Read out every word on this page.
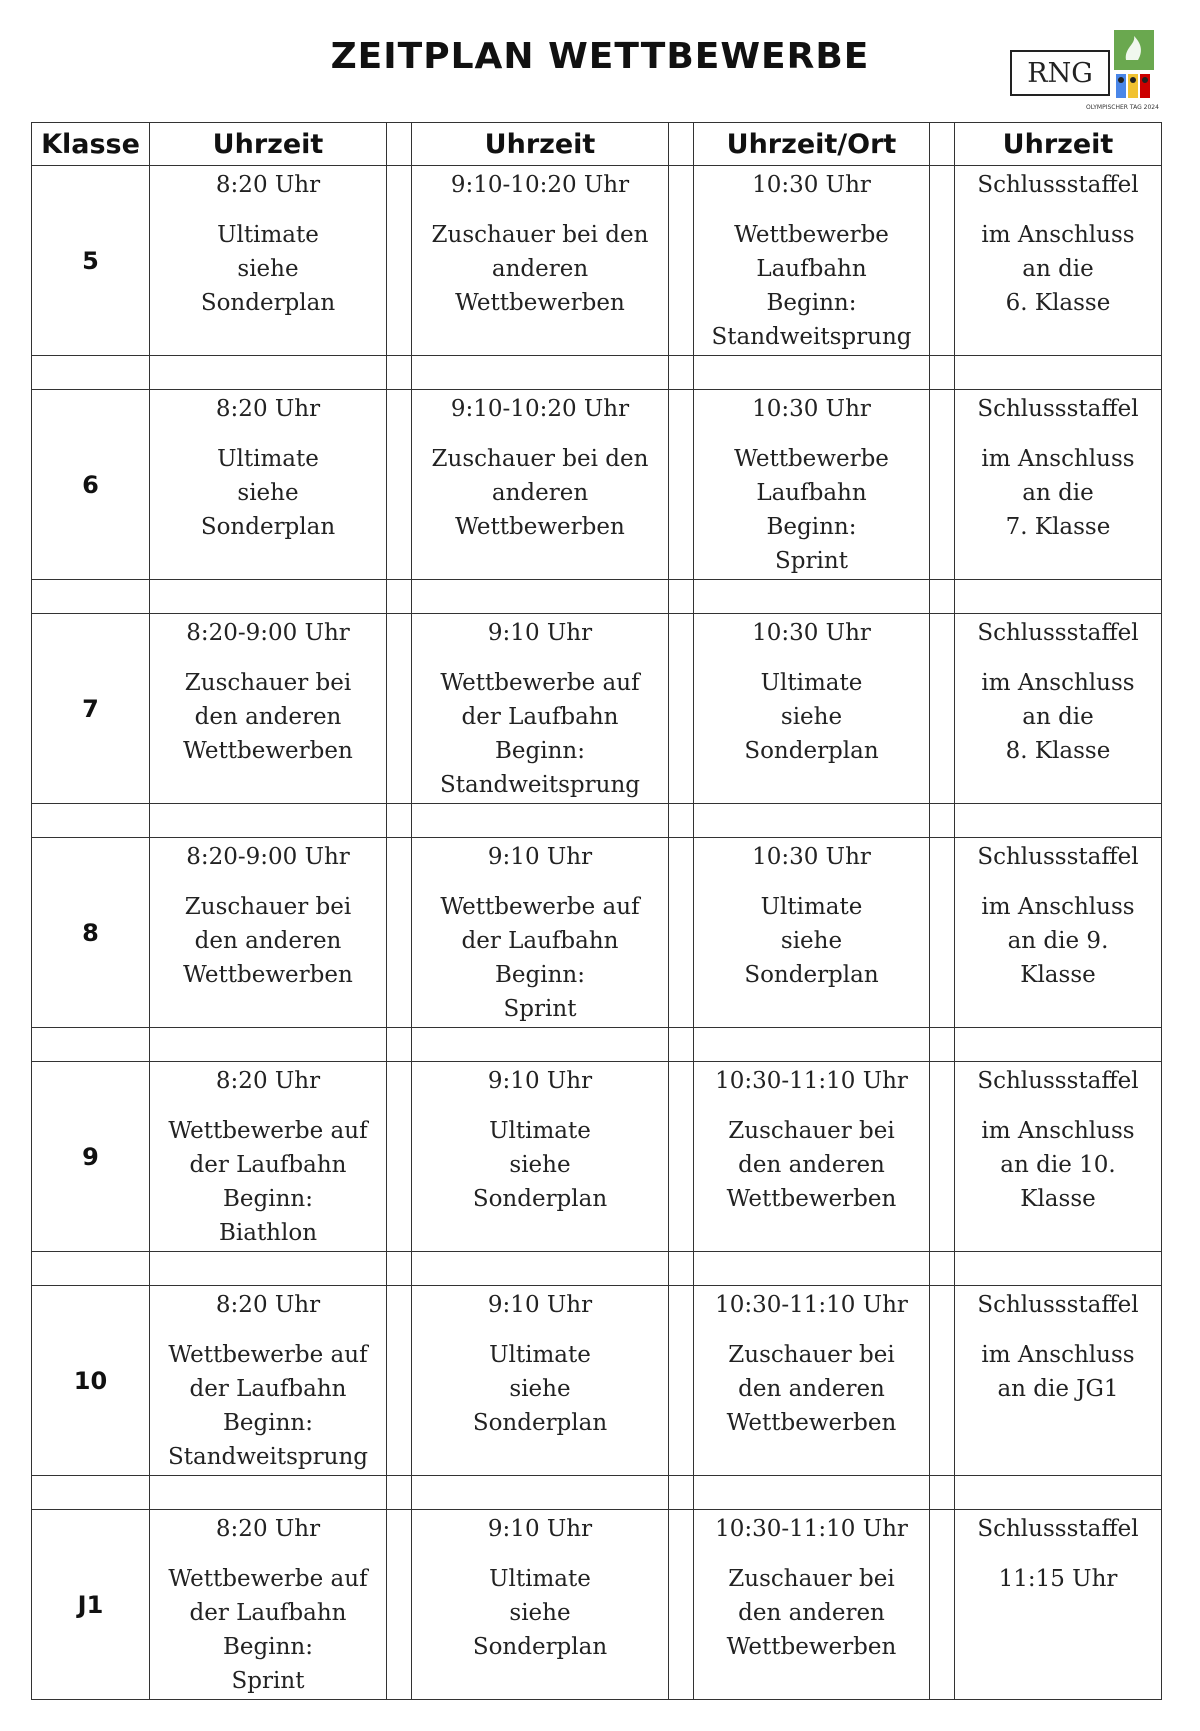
ZEITPLAN WETTBEWERBE	RNG
OLYMPISCHER TAG 2024
Klasse	Uhrzeit		Uhrzeit		Uhrzeit/Ort		Uhrzeit
5	8:20 Uhr
Ultimate
siehe
Sonderplan		9:10-10:20 Uhr
Zuschauer bei den
anderen
Wettbewerben		10:30 Uhr
Wettbewerbe
Laufbahn
Beginn:
Standweitsprung		Schlussstaffel
im Anschluss
an die
6. Klasse

6	8:20 Uhr
Ultimate
siehe
Sonderplan		9:10-10:20 Uhr
Zuschauer bei den
anderen
Wettbewerben		10:30 Uhr
Wettbewerbe
Laufbahn
Beginn:
Sprint		Schlussstaffel
im Anschluss
an die
7. Klasse

7	8:20-9:00 Uhr
Zuschauer bei
den anderen
Wettbewerben		9:10 Uhr
Wettbewerbe auf
der Laufbahn
Beginn:
Standweitsprung		10:30 Uhr
Ultimate
siehe
Sonderplan		Schlussstaffel
im Anschluss
an die
8. Klasse

8	8:20-9:00 Uhr
Zuschauer bei
den anderen
Wettbewerben		9:10 Uhr
Wettbewerbe auf
der Laufbahn
Beginn:
Sprint		10:30 Uhr
Ultimate
siehe
Sonderplan		Schlussstaffel
im Anschluss
an die 9.
Klasse

9	8:20 Uhr
Wettbewerbe auf
der Laufbahn
Beginn:
Biathlon		9:10 Uhr
Ultimate
siehe
Sonderplan		10:30-11:10 Uhr
Zuschauer bei
den anderen
Wettbewerben		Schlussstaffel
im Anschluss
an die 10.
Klasse

10	8:20 Uhr
Wettbewerbe auf
der Laufbahn
Beginn:
Standweitsprung		9:10 Uhr
Ultimate
siehe
Sonderplan		10:30-11:10 Uhr
Zuschauer bei
den anderen
Wettbewerben		Schlussstaffel
im Anschluss
an die JG1

J1	8:20 Uhr
Wettbewerbe auf
der Laufbahn
Beginn:
Sprint		9:10 Uhr
Ultimate
siehe
Sonderplan		10:30-11:10 Uhr
Zuschauer bei
den anderen
Wettbewerben		Schlussstaffel
11:15 Uhr
